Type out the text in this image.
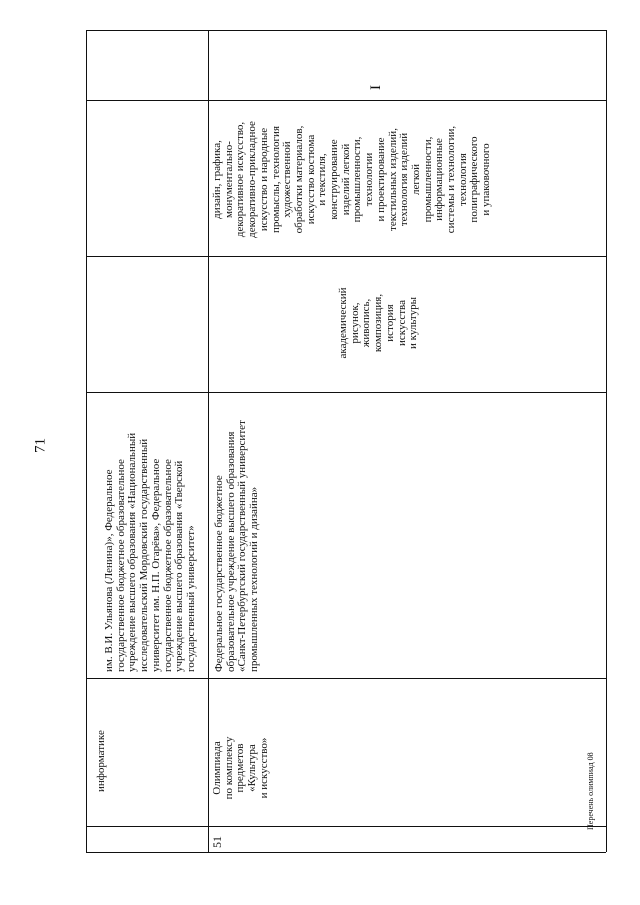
71
Перечень олимпиад 08
информатике
им. В.И. Ульянова (Ленина)», Федеральное государственное бюджетное образовательное учреждение высшего образования «Национальный исследовательский Мордовский государственный университет им. Н.П. Огарёва», Федеральное государственное бюджетное образовательное учреждение высшего образования «Тверской государственный университет»
51
Олимпиада по комплексу предметов «Культура и искусство»
Федеральное государственное бюджетное образовательное учреждение высшего образования «Санкт-Петербургский государственный университет промышленных технологий и дизайна»
академический рисунок, живопись, композиция, история искусства и культуры
дизайн, графика, монументально- декоративное искусство, декоративно-прикладное искусство и народные промыслы, технология художественной обработки материалов, искусство костюма и текстиля, конструирование изделий легкой промышленности, технологии и проектирование текстильных изделий, технология изделий легкой промышленности, информационные системы и технологии, технология полиграфического и упаковочного
I
